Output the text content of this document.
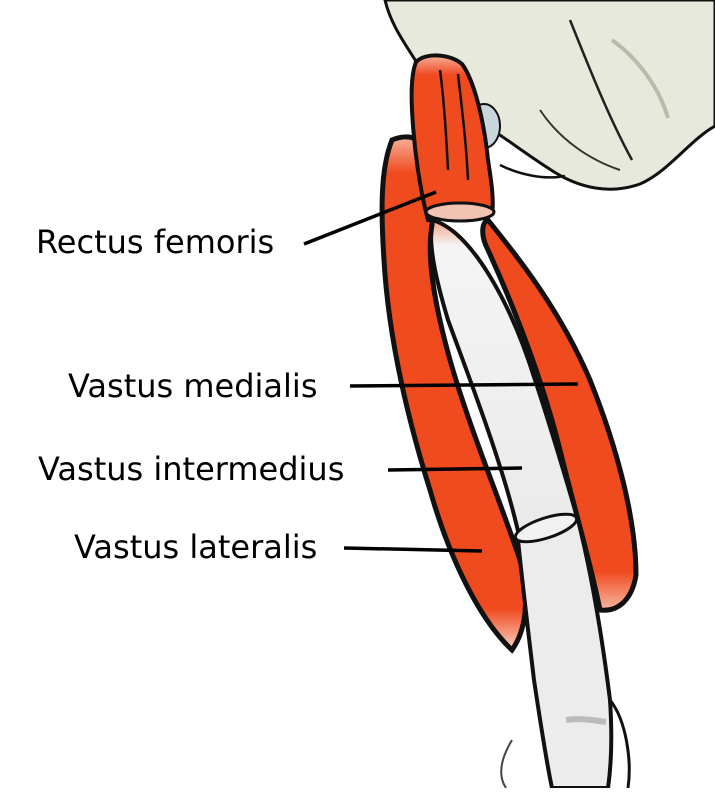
Rectus femoris
Vastus medialis
Vastus intermedius
Vastus lateralis
